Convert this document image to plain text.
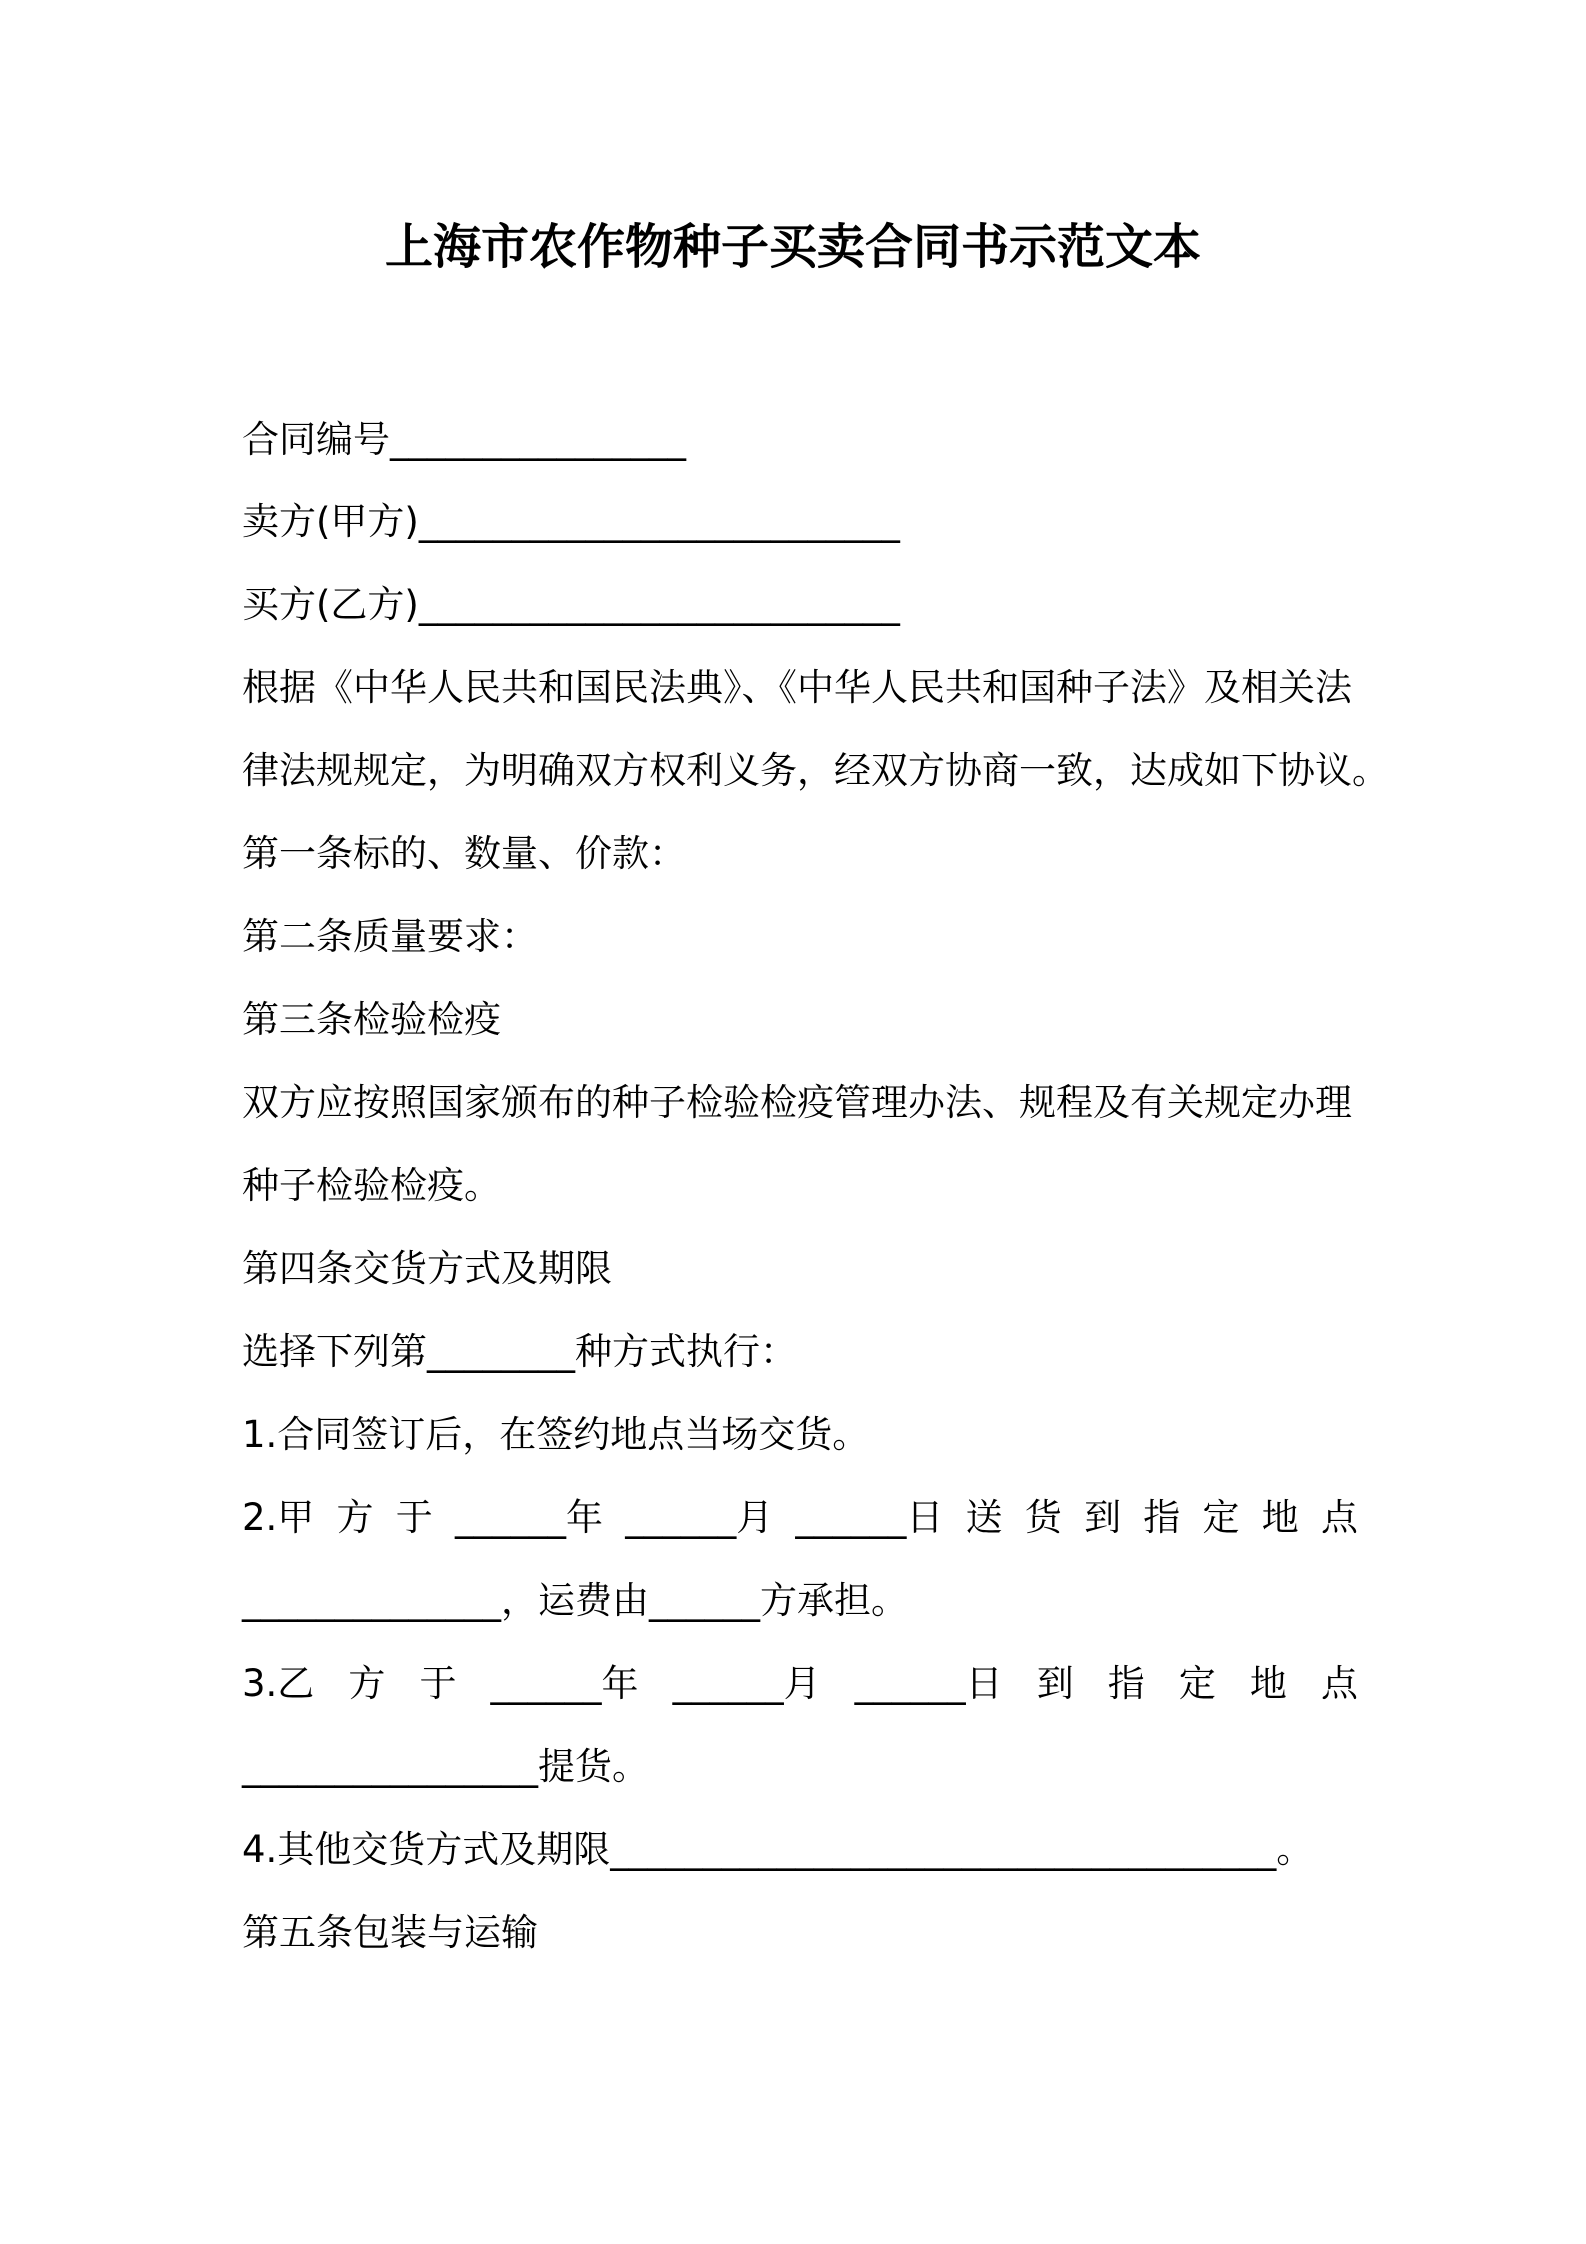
上海市农作物种子买卖合同书示范文本
合同编号________________
卖方(甲方)__________________________
买方(乙方)__________________________
根据《中华人民共和国民法典》、《中华人民共和国种子法》及相关法
律法规规定，为明确双方权利义务，经双方协商一致，达成如下协议。
第一条标的、数量、价款：
第二条质量要求：
第三条检验检疫
双方应按照国家颁布的种子检验检疫管理办法、规程及有关规定办理
种子检验检疫。
第四条交货方式及期限
选择下列第________种方式执行：
1.合同签订后，在签约地点当场交货。
2.甲 方 于 ______年 ______月 ______日 送 货 到 指 定 地 点
______________，运费由______方承担。
3.乙 方 于 ______年 ______月 ______日 到 指 定 地 点
________________提货。
4.其他交货方式及期限____________________________________。
第五条包装与运输
